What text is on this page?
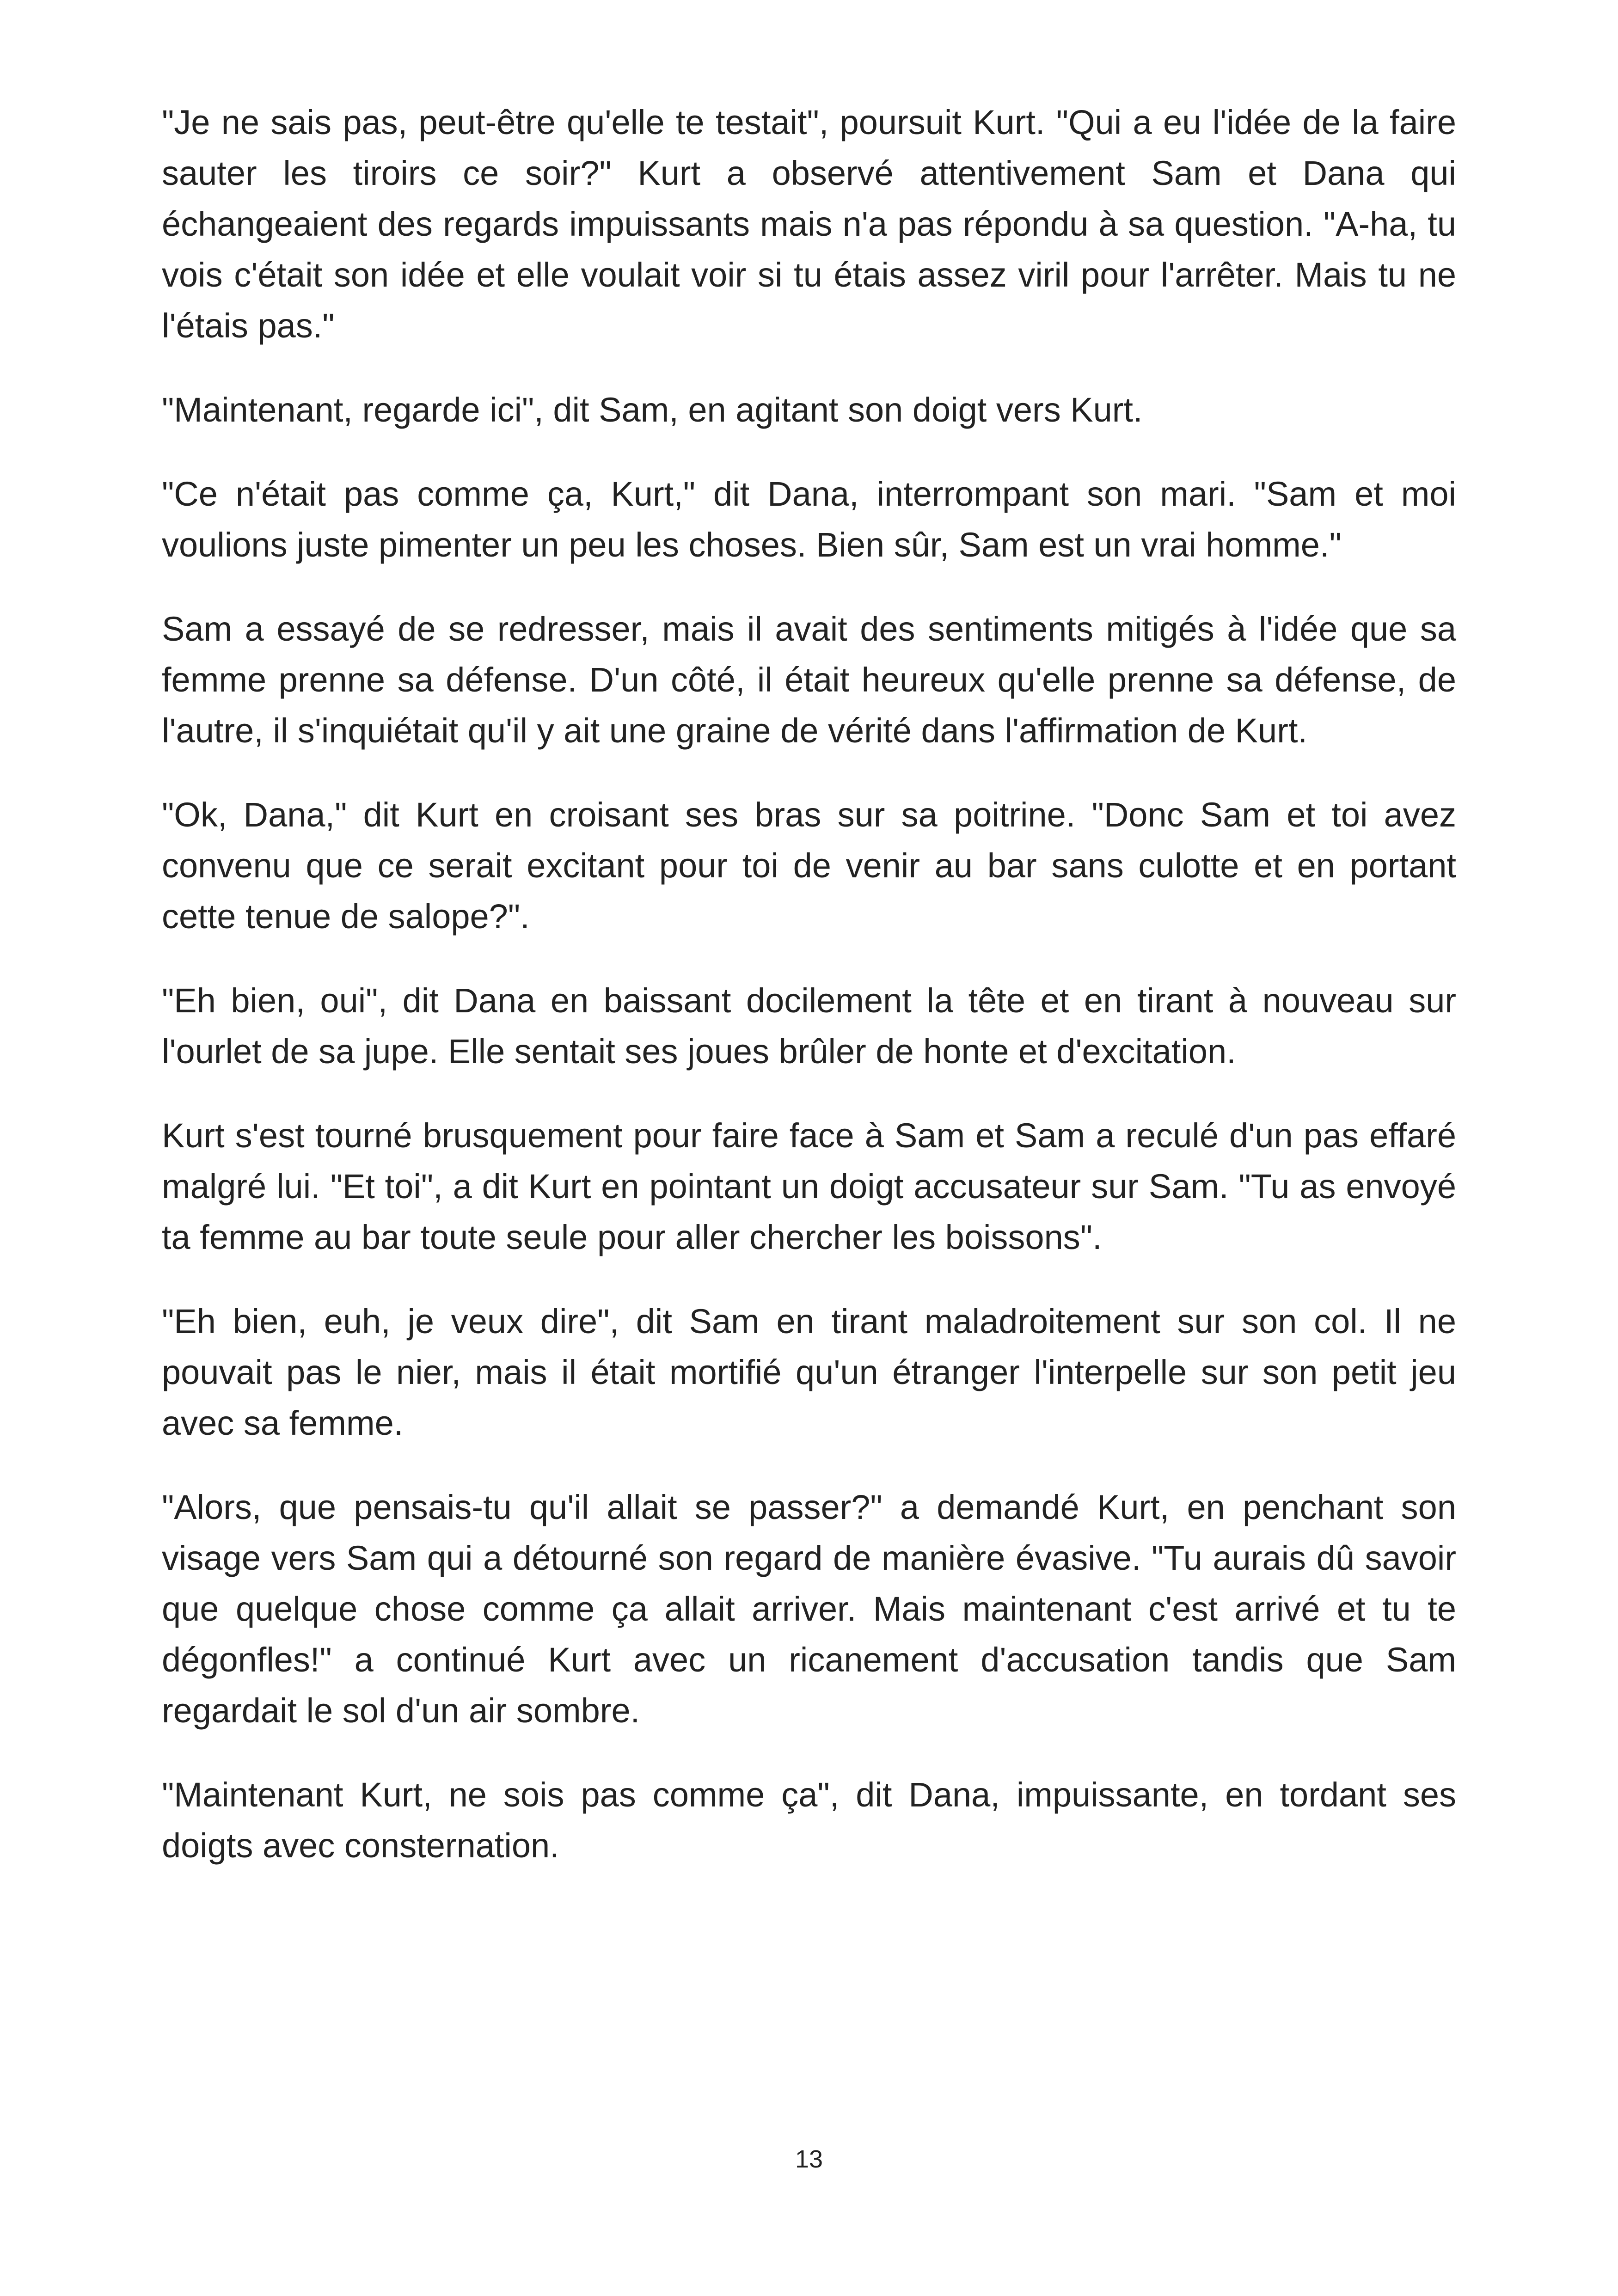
"Je ne sais pas, peut-être qu'elle te testait", poursuit Kurt. "Qui a eu l'idée de la faire sauter les tiroirs ce soir?" Kurt a observé attentivement Sam et Dana qui échangeaient des regards impuissants mais n'a pas répondu à sa question. "A-ha, tu vois c'était son idée et elle voulait voir si tu étais assez viril pour l'arrêter. Mais tu ne l'étais pas."

"Maintenant, regarde ici", dit Sam, en agitant son doigt vers Kurt.

"Ce n'était pas comme ça, Kurt," dit Dana, interrompant son mari. "Sam et moi voulions juste pimenter un peu les choses. Bien sûr, Sam est un vrai homme."

Sam a essayé de se redresser, mais il avait des sentiments mitigés à l'idée que sa femme prenne sa défense. D'un côté, il était heureux qu'elle prenne sa défense, de l'autre, il s'inquiétait qu'il y ait une graine de vérité dans l'affirmation de Kurt.

"Ok, Dana," dit Kurt en croisant ses bras sur sa poitrine. "Donc Sam et toi avez convenu que ce serait excitant pour toi de venir au bar sans culotte et en portant cette tenue de salope?".

"Eh bien, oui", dit Dana en baissant docilement la tête et en tirant à nouveau sur l'ourlet de sa jupe. Elle sentait ses joues brûler de honte et d'excitation.

Kurt s'est tourné brusquement pour faire face à Sam et Sam a reculé d'un pas effaré malgré lui. "Et toi", a dit Kurt en pointant un doigt accusateur sur Sam. "Tu as envoyé ta femme au bar toute seule pour aller chercher les boissons".

"Eh bien, euh, je veux dire", dit Sam en tirant maladroitement sur son col. Il ne pouvait pas le nier, mais il était mortifié qu'un étranger l'interpelle sur son petit jeu avec sa femme.

"Alors, que pensais-tu qu'il allait se passer?" a demandé Kurt, en penchant son visage vers Sam qui a détourné son regard de manière évasive. "Tu aurais dû savoir que quelque chose comme ça allait arriver. Mais maintenant c'est arrivé et tu te dégonfles!" a continué Kurt avec un ricanement d'accusation tandis que Sam regardait le sol d'un air sombre.

"Maintenant Kurt, ne sois pas comme ça", dit Dana, impuissante, en tordant ses doigts avec consternation.

13
